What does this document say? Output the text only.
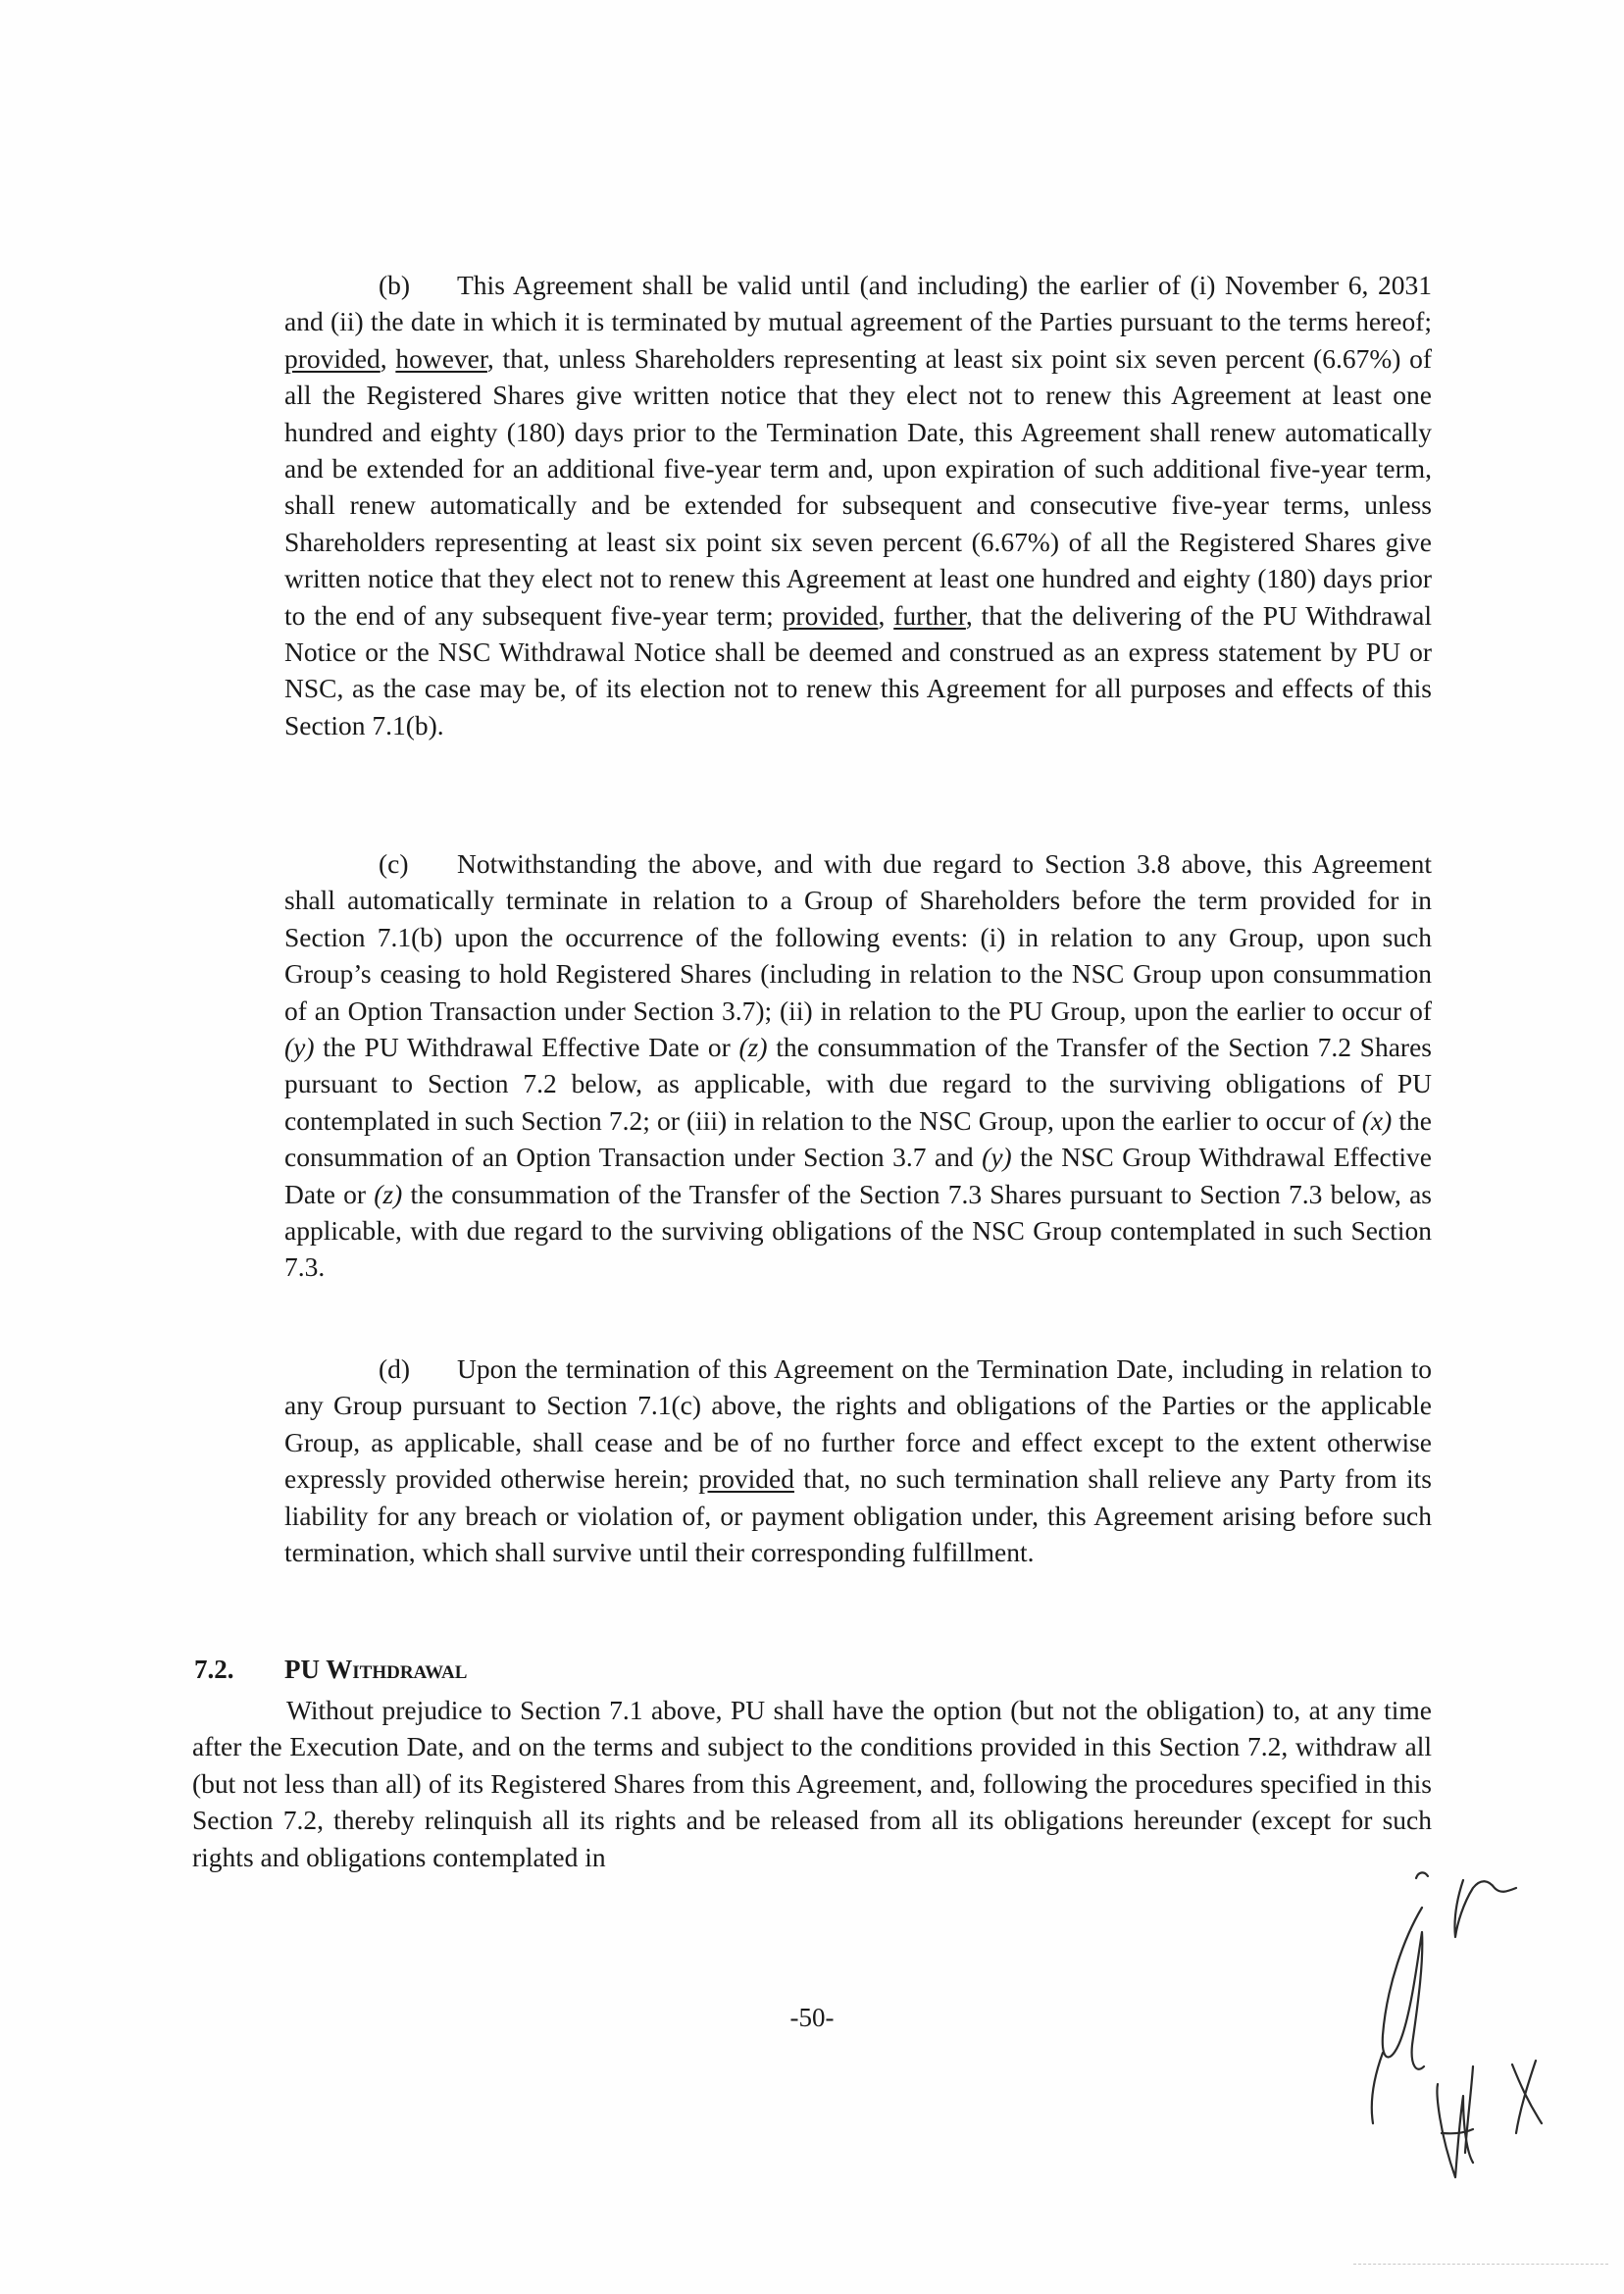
(b) This Agreement shall be valid until (and including) the earlier of (i) November 6, 2031 and (ii) the date in which it is terminated by mutual agreement of the Parties pursuant to the terms hereof; provided, however, that, unless Shareholders representing at least six point six seven percent (6.67%) of all the Registered Shares give written notice that they elect not to renew this Agreement at least one hundred and eighty (180) days prior to the Termination Date, this Agreement shall renew automatically and be extended for an additional five-year term and, upon expiration of such additional five-year term, shall renew automatically and be extended for subsequent and consecutive five-year terms, unless Shareholders representing at least six point six seven percent (6.67%) of all the Registered Shares give written notice that they elect not to renew this Agreement at least one hundred and eighty (180) days prior to the end of any subsequent five-year term; provided, further, that the delivering of the PU Withdrawal Notice or the NSC Withdrawal Notice shall be deemed and construed as an express statement by PU or NSC, as the case may be, of its election not to renew this Agreement for all purposes and effects of this Section 7.1(b).

(c) Notwithstanding the above, and with due regard to Section 3.8 above, this Agreement shall automatically terminate in relation to a Group of Shareholders before the term provided for in Section 7.1(b) upon the occurrence of the following events: (i) in relation to any Group, upon such Group’s ceasing to hold Registered Shares (including in relation to the NSC Group upon consummation of an Option Transaction under Section 3.7); (ii) in relation to the PU Group, upon the earlier to occur of (y) the PU Withdrawal Effective Date or (z) the consummation of the Transfer of the Section 7.2 Shares pursuant to Section 7.2 below, as applicable, with due regard to the surviving obligations of PU contemplated in such Section 7.2; or (iii) in relation to the NSC Group, upon the earlier to occur of (x) the consummation of an Option Transaction under Section 3.7 and (y) the NSC Group Withdrawal Effective Date or (z) the consummation of the Transfer of the Section 7.3 Shares pursuant to Section 7.3 below, as applicable, with due regard to the surviving obligations of the NSC Group contemplated in such Section 7.3.

(d) Upon the termination of this Agreement on the Termination Date, including in relation to any Group pursuant to Section 7.1(c) above, the rights and obligations of the Parties or the applicable Group, as applicable, shall cease and be of no further force and effect except to the extent otherwise expressly provided otherwise herein; provided that, no such termination shall relieve any Party from its liability for any breach or violation of, or payment obligation under, this Agreement arising before such termination, which shall survive until their corresponding fulfillment.

7.2. PU Withdrawal

Without prejudice to Section 7.1 above, PU shall have the option (but not the obligation) to, at any time after the Execution Date, and on the terms and subject to the conditions provided in this Section 7.2, withdraw all (but not less than all) of its Registered Shares from this Agreement, and, following the procedures specified in this Section 7.2, thereby relinquish all its rights and be released from all its obligations hereunder (except for such rights and obligations contemplated in

-50-
